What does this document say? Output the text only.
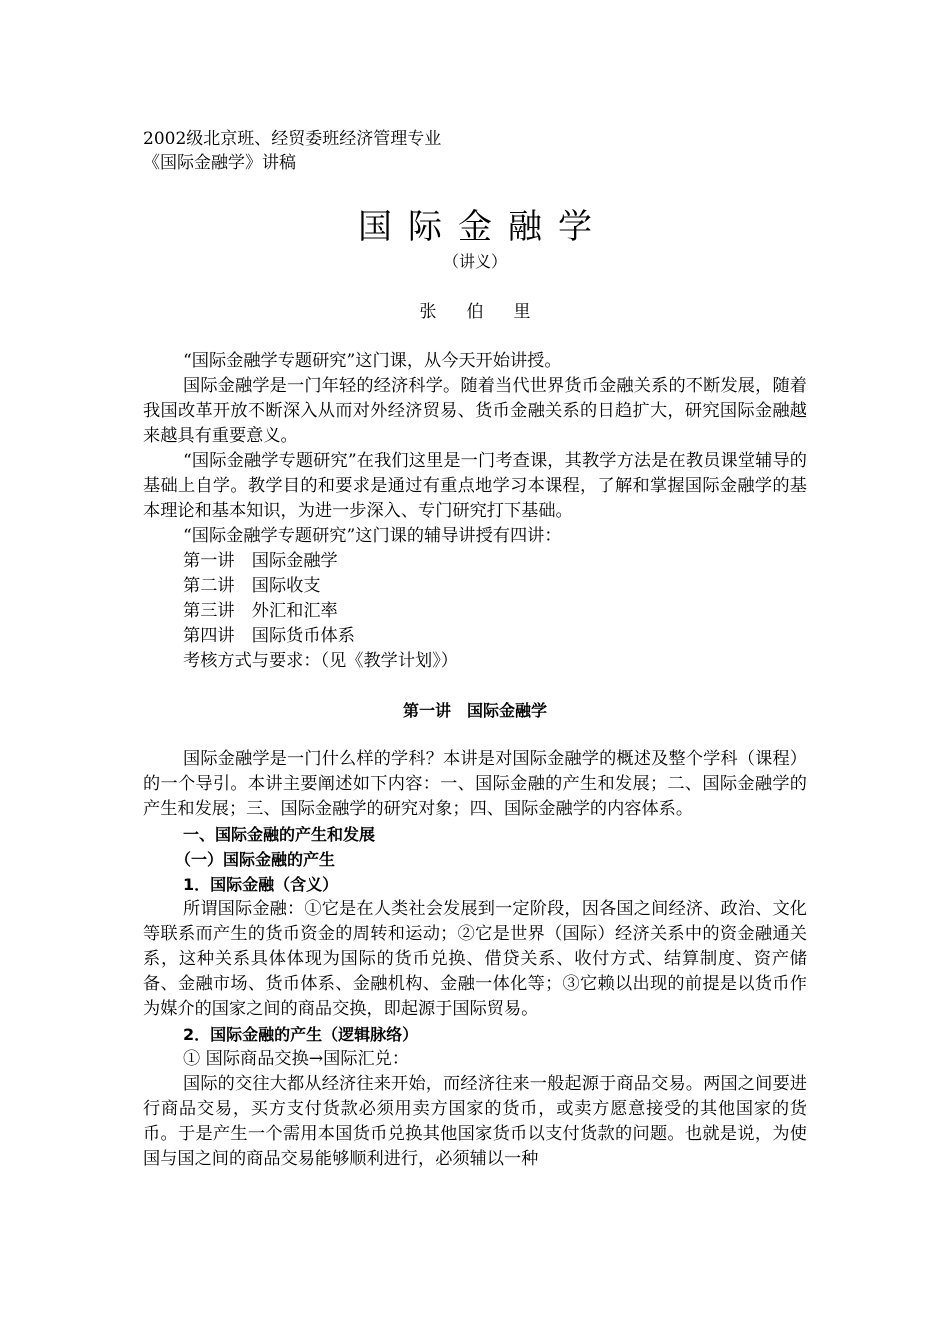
2002级北京班、经贸委班经济管理专业
《国际金融学》讲稿
国际金融学
（讲义）
张伯里

“国际金融学专题研究”这门课，从今天开始讲授。

国际金融学是一门年轻的经济科学。随着当代世界货币金融关系的不断发展，随着我国改革开放不断深入从而对外经济贸易、货币金融关系的日趋扩大，研究国际金融越来越具有重要意义。

“国际金融学专题研究”在我们这里是一门考查课，其教学方法是在教员课堂辅导的基础上自学。教学目的和要求是通过有重点地学习本课程，了解和掌握国际金融学的基本理论和基本知识，为进一步深入、专门研究打下基础。

“国际金融学专题研究”这门课的辅导讲授有四讲：

第一讲　国际金融学
第二讲　国际收支
第三讲　外汇和汇率
第四讲　国际货币体系
考核方式与要求：（见《教学计划》）
第一讲　国际金融学

国际金融学是一门什么样的学科？本讲是对国际金融学的概述及整个学科（课程）的一个导引。本讲主要阐述如下内容：一、国际金融的产生和发展；二、国际金融学的产生和发展；三、国际金融学的研究对象；四、国际金融学的内容体系。

一、国际金融的产生和发展
（一）国际金融的产生
1．国际金融（含义）

所谓国际金融：①它是在人类社会发展到一定阶段，因各国之间经济、政治、文化等联系而产生的货币资金的周转和运动；②它是世界（国际）经济关系中的资金融通关系，这种关系具体体现为国际的货币兑换、借贷关系、收付方式、结算制度、资产储备、金融市场、货币体系、金融机构、金融一体化等；③它赖以出现的前提是以货币作为媒介的国家之间的商品交换，即起源于国际贸易。

2．国际金融的产生（逻辑脉络）
① 国际商品交换→国际汇兑：

国际的交往大都从经济往来开始，而经济往来一般起源于商品交易。两国之间要进行商品交易，买方支付货款必须用卖方国家的货币，或卖方愿意接受的其他国家的货币。于是产生一个需用本国货币兑换其他国家货币以支付货款的问题。也就是说，为使国与国之间的商品交易能够顺利进行，必须辅以一种
